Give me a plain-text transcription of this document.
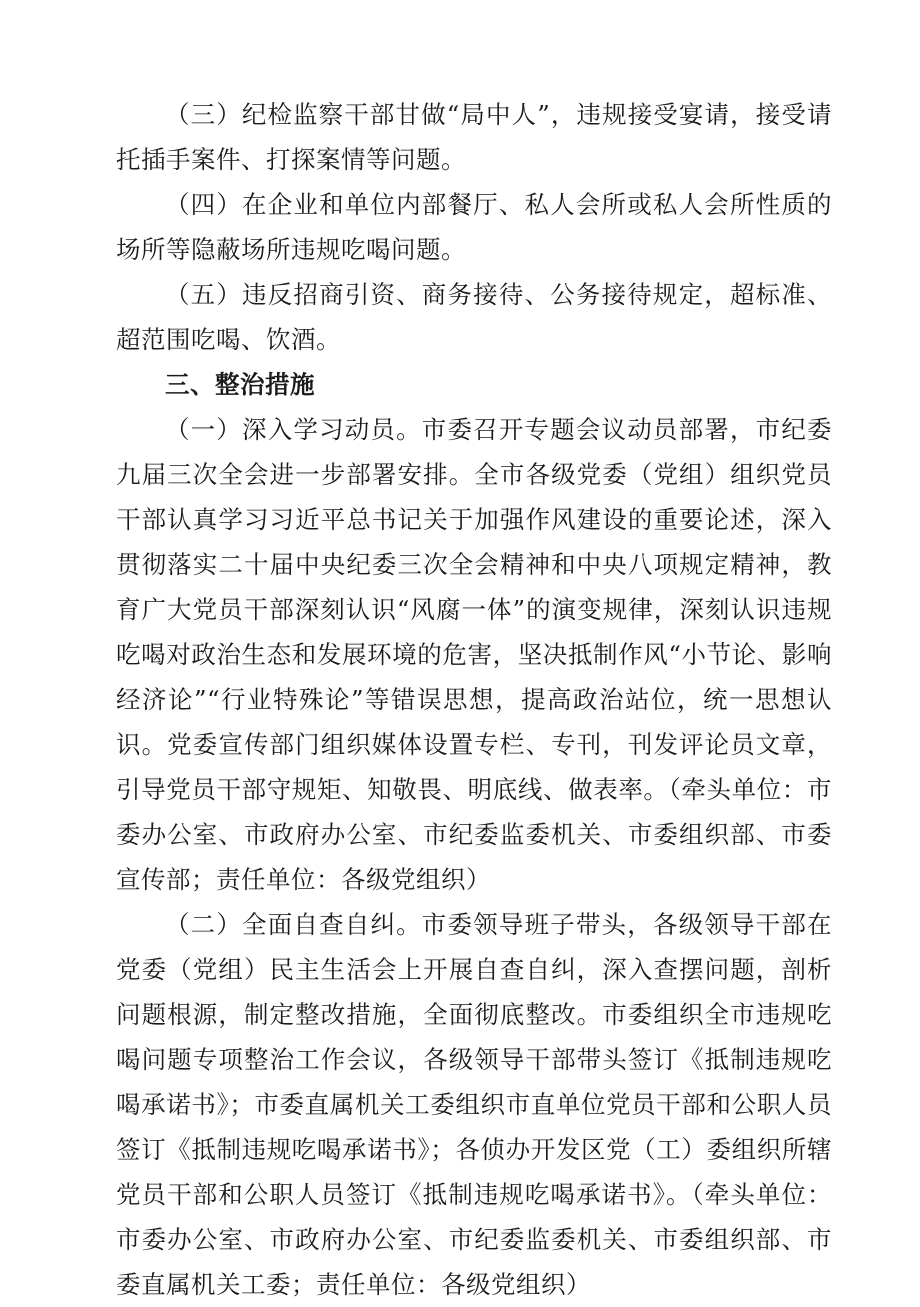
（三）纪检监察干部甘做“局中人”，违规接受宴请，接受请托插手案件、打探案情等问题。

（四）在企业和单位内部餐厅、私人会所或私人会所性质的场所等隐蔽场所违规吃喝问题。

（五）违反招商引资、商务接待、公务接待规定，超标准、超范围吃喝、饮酒。

三、整治措施

（一）深入学习动员。市委召开专题会议动员部署，市纪委九届三次全会进一步部署安排。全市各级党委（党组）组织党员干部认真学习习近平总书记关于加强作风建设的重要论述，深入贯彻落实二十届中央纪委三次全会精神和中央八项规定精神，教育广大党员干部深刻认识“风腐一体”的演变规律，深刻认识违规吃喝对政治生态和发展环境的危害，坚决抵制作风“小节论、影响经济论”“行业特殊论”等错误思想，提高政治站位，统一思想认识。党委宣传部门组织媒体设置专栏、专刊，刊发评论员文章，引导党员干部守规矩、知敬畏、明底线、做表率。（牵头单位：市委办公室、市政府办公室、市纪委监委机关、市委组织部、市委宣传部；责任单位：各级党组织）

（二）全面自查自纠。市委领导班子带头，各级领导干部在党委（党组）民主生活会上开展自查自纠，深入查摆问题，剖析问题根源，制定整改措施，全面彻底整改。市委组织全市违规吃喝问题专项整治工作会议，各级领导干部带头签订《抵制违规吃喝承诺书》；市委直属机关工委组织市直单位党员干部和公职人员签订《抵制违规吃喝承诺书》；各侦办开发区党（工）委组织所辖党员干部和公职人员签订《抵制违规吃喝承诺书》。（牵头单位：市委办公室、市政府办公室、市纪委监委机关、市委组织部、市委直属机关工委；责任单位：各级党组织）
